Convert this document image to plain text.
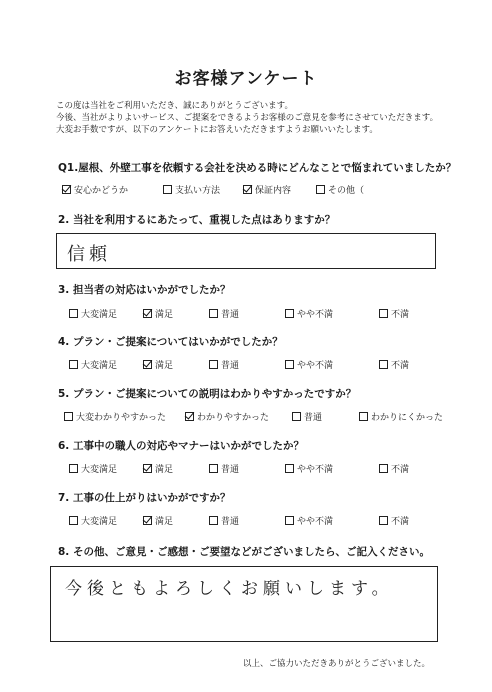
お客様アンケート
この度は当社をご利用いただき、誠にありがとうございます。
今後、当社がよりよいサービス、ご提案をできるようお客様のご意見を参考にさせていただきます。
大変お手数ですが、以下のアンケートにお答えいただきますようお願いいたします。
Q1.屋根、外壁工事を依頼する会社を決める時にどんなことで悩まれていましたか？
安心かどうか	支払い方法	保証内容	その他（
2. 当社を利用するにあたって、重視した点はありますか？
信頼
3. 担当者の対応はいかがでしたか？
大変満足	満足	普通	やや不満	不満
4. プラン・ご提案についてはいかがでしたか？
大変満足	満足	普通	やや不満	不満
5. プラン・ご提案についての説明はわかりやすかったですか？
大変わかりやすかった	わかりやすかった	普通	わかりにくかった
6. 工事中の職人の対応やマナーはいかがでしたか？
大変満足	満足	普通	やや不満	不満
7. 工事の仕上がりはいかがですか？
大変満足	満足	普通	やや不満	不満
8. その他、ご意見・ご感想・ご要望などがございましたら、ご記入ください。
今後ともよろしくお願いします。
以上、ご協力いただきありがとうございました。
